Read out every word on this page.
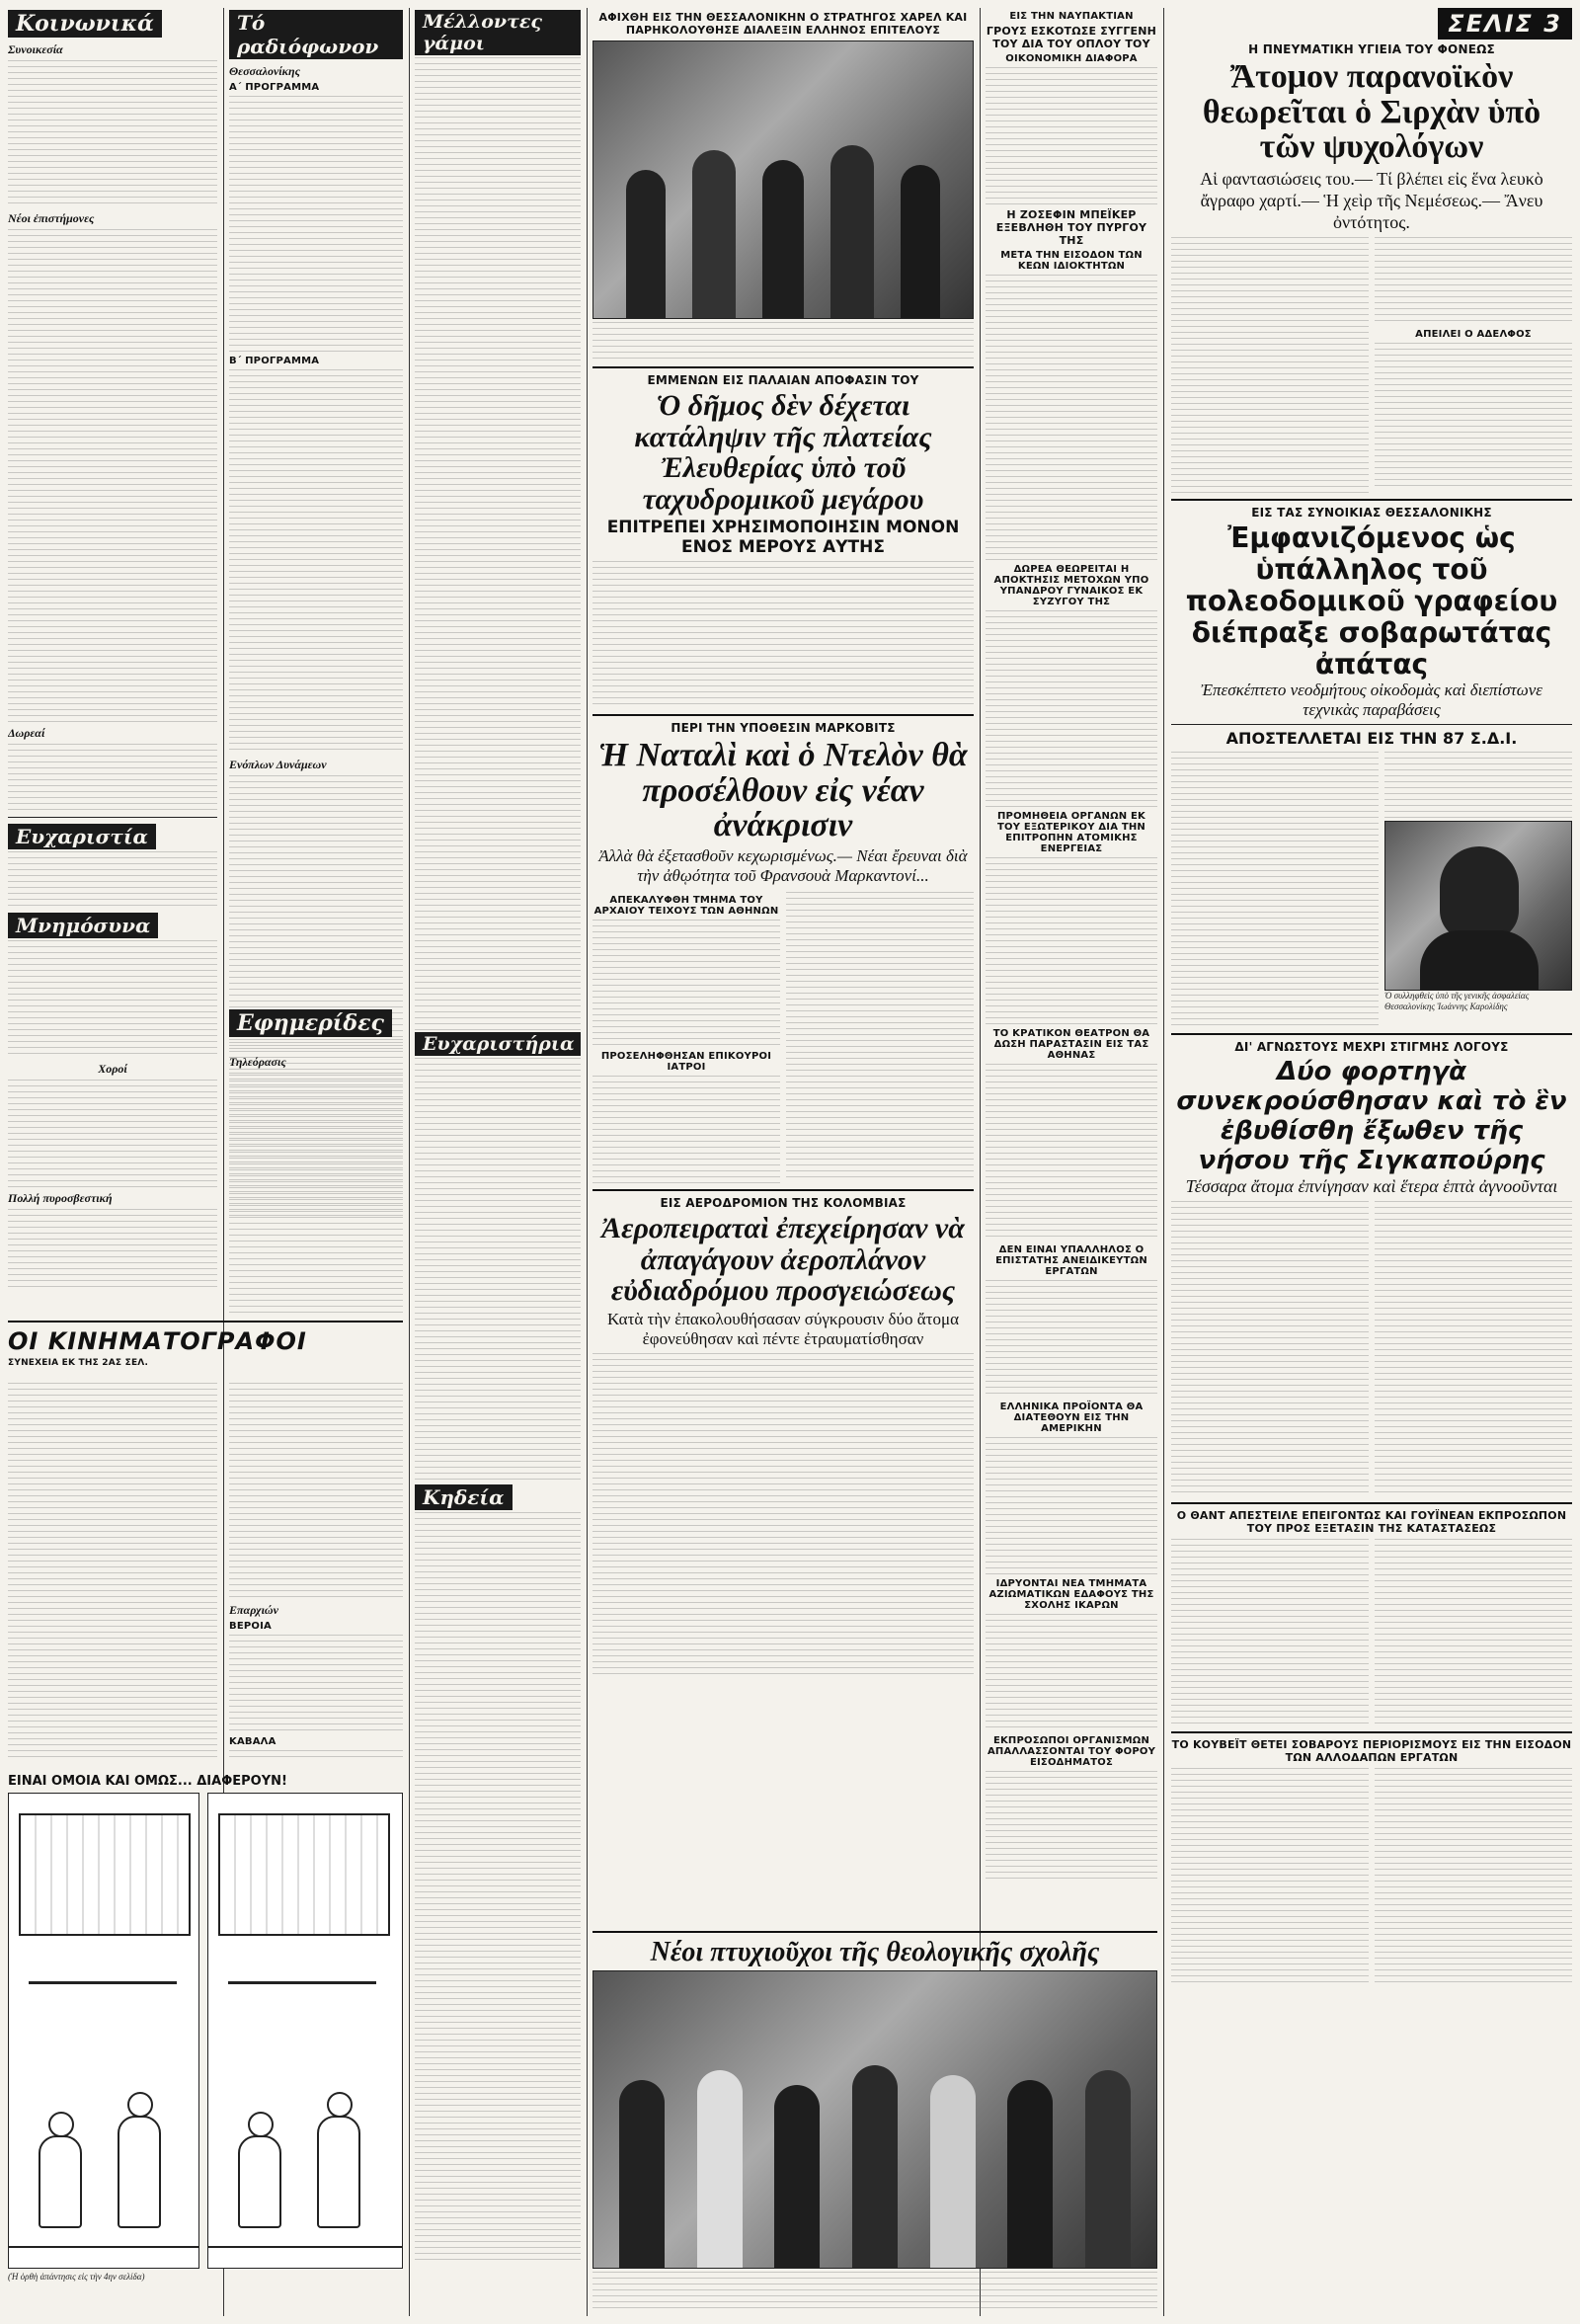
Κοινωνικά
Συνοικεσία
Νέοι ἐπιστήμονες
Δωρεαί
Ευχαριστία
Μνημόσυνα
Χοροί
Πολλή πυροσβεστική
ΟΙ ΚΙΝΗΜΑΤΟΓΡΑΦΟΙ
ΣΥΝΕΧΕΙΑ ΕΚ ΤΗΣ 2ΑΣ ΣΕΛ.
ΕΙΝΑΙ ΟΜΟΙΑ ΚΑΙ ΟΜΩΣ... ΔΙΑΦΕΡΟΥΝ!
(Ἡ ὀρθὴ ἀπάντησις εἰς τὴν 4ην σελίδα)
Τό ραδιόφωνον
Θεσσαλονίκης
Α΄ ΠΡΟΓΡΑΜΜΑ
Β΄ ΠΡΟΓΡΑΜΜΑ
Ενόπλων Δυνάμεων
Τηλεόρασις
Εφημερίδες
Επαρχιών
ΒΕΡΟΙΑ
ΚΑΒΑΛΑ
Μέλλοντες γάμοι
Ευχαριστήρια
Κηδεία
ΑΦΙΧΘΗ ΕΙΣ ΤΗΝ ΘΕΣΣΑΛΟΝΙΚΗΝ Ο ΣΤΡΑΤΗΓΟΣ ΧΑΡΕΛ ΚΑΙ ΠΑΡΗΚΟΛΟΥΘΗΣΕ ΔΙΑΛΕΞΙΝ ΕΛΛΗΝΟΣ ΕΠΙΤΕΛΟΥΣ
ΕΜΜΕΝΩΝ ΕΙΣ ΠΑΛΑΙΑΝ ΑΠΟΦΑΣΙΝ ΤΟΥ
Ὁ δῆμος δὲν δέχεται κατάληψιν τῆς πλατείας Ἐλευθερίας ὑπὸ τοῦ ταχυδρομικοῦ μεγάρου
ΕΠΙΤΡΕΠΕΙ ΧΡΗΣΙΜΟΠΟΙΗΣΙΝ ΜΟΝΟΝ ΕΝΟΣ ΜΕΡΟΥΣ ΑΥΤΗΣ
ΠΕΡΙ ΤΗΝ ΥΠΟΘΕΣΙΝ ΜΑΡΚΟΒΙΤΣ
Ἡ Ναταλὶ καὶ ὁ Ντελὸν θὰ προσέλθουν εἰς νέαν ἀνάκρισιν
Ἀλλὰ θὰ ἐξετασθοῦν κεχωρισμένως.— Νέαι ἔρευναι διὰ τὴν ἀθῳότητα τοῦ Φρανσουὰ Μαρκαντονί...
ΑΠΕΚΑΛΥΦΘΗ ΤΜΗΜΑ ΤΟΥ ΑΡΧΑΙΟΥ ΤΕΙΧΟΥΣ ΤΩΝ ΑΘΗΝΩΝ
ΠΡΟΣΕΛΗΦΘΗΣΑΝ ΕΠΙΚΟΥΡΟΙ ΙΑΤΡΟΙ
ΕΙΣ ΑΕΡΟΔΡΟΜΙΟΝ ΤΗΣ ΚΟΛΟΜΒΙΑΣ
Ἀεροπειραταὶ ἐπεχείρησαν νὰ ἀπαγάγουν ἀεροπλάνον εὐδιαδρόμου προσγειώσεως
Κατὰ τὴν ἐπακολουθήσασαν σύγκρουσιν δύο ἄτομα ἐφονεύθησαν καὶ πέντε ἐτραυματίσθησαν
Νέοι πτυχιοῦχοι τῆς θεολογικῆς σχολῆς
ΕΙΣ ΤΗΝ ΝΑΥΠΑΚΤΙΑΝ
ΓΡΟΥΣ ΕΣΚΟΤΩΣΕ ΣΥΓΓΕΝΗ ΤΟΥ ΔΙΑ ΤΟΥ ΟΠΛΟΥ ΤΟΥ
ΟΙΚΟΝΟΜΙΚΗ ΔΙΑΦΟΡΑ
Η ΖΟΣΕΦΙΝ ΜΠΕΪΚΕΡ ΕΞΕΒΛΗΘΗ ΤΟΥ ΠΥΡΓΟΥ ΤΗΣ
ΜΕΤΑ ΤΗΝ ΕΙΣΟΔΟΝ ΤΩΝ ΚΕΩΝ ΙΔΙΟΚΤΗΤΩΝ
ΔΩΡΕΑ ΘΕΩΡΕΙΤΑΙ Η ΑΠΟΚΤΗΣΙΣ ΜΕΤΟΧΩΝ ΥΠΟ ΥΠΑΝΔΡΟΥ ΓΥΝΑΙΚΟΣ ΕΚ ΣΥΖΥΓΟΥ ΤΗΣ
ΠΡΟΜΗΘΕΙΑ ΟΡΓΑΝΩΝ ΕΚ ΤΟΥ ΕΞΩΤΕΡΙΚΟΥ ΔΙΑ ΤΗΝ ΕΠΙΤΡΟΠΗΝ ΑΤΟΜΙΚΗΣ ΕΝΕΡΓΕΙΑΣ
ΤΟ ΚΡΑΤΙΚΟΝ ΘΕΑΤΡΟΝ ΘΑ ΔΩΣΗ ΠΑΡΑΣΤΑΣΙΝ ΕΙΣ ΤΑΣ ΑΘΗΝΑΣ
ΔΕΝ ΕΙΝΑΙ ΥΠΑΛΛΗΛΟΣ Ο ΕΠΙΣΤΑΤΗΣ ΑΝΕΙΔΙΚΕΥΤΩΝ ΕΡΓΑΤΩΝ
ΕΛΛΗΝΙΚΑ ΠΡΟΪΟΝΤΑ ΘΑ ΔΙΑΤΕΘΟΥΝ ΕΙΣ ΤΗΝ ΑΜΕΡΙΚΗΝ
ΙΔΡΥΟΝΤΑΙ ΝΕΑ ΤΜΗΜΑΤΑ ΑΖΙΩΜΑΤΙΚΩΝ ΕΔΑΦΟΥΣ ΤΗΣ ΣΧΟΛΗΣ ΙΚΑΡΩΝ
ΕΚΠΡΟΣΩΠΟΙ ΟΡΓΑΝΙΣΜΩΝ ΑΠΑΛΛΑΣΣΟΝΤΑΙ ΤΟΥ ΦΟΡΟΥ ΕΙΣΟΔΗΜΑΤΟΣ
ΣΕΛΙΣ 3
Η ΠΝΕΥΜΑΤΙΚΗ ΥΓΙΕΙΑ ΤΟΥ ΦΟΝΕΩΣ
Ἄτομον παρανοϊκὸν θεωρεῖται ὁ Σιρχὰν ὑπὸ τῶν ψυχολόγων
Αἱ φαντασιώσεις του.— Τί βλέπει εἰς ἕνα λευκὸ ἄγραφο χαρτί.— Ἡ χεὶρ τῆς Νεμέσεως.— Ἄνευ ὀντότητος.
ΑΠΕΙΛΕΙ Ο ΑΔΕΛΦΟΣ
ΕΙΣ ΤΑΣ ΣΥΝΟΙΚΙΑΣ ΘΕΣΣΑΛΟΝΙΚΗΣ
Ἐμφανιζόμενος ὡς ὑπάλληλος τοῦ πολεοδομικοῦ γραφείου διέπραξε σοβαρωτάτας ἀπάτας
Ἐπεσκέπτετο νεοδμήτους οἰκοδομὰς καὶ διεπίστωνε τεχνικὰς παραβάσεις
ΑΠΟΣΤΕΛΛΕΤΑΙ ΕΙΣ ΤΗΝ 87 Σ.Δ.Ι.
Ὁ συλληφθεὶς ὑπὸ τῆς γενικῆς ἀσφαλείας Θεσσαλονίκης Ἰωάννης Καρολίδης
ΔΙ' ΑΓΝΩΣΤΟΥΣ ΜΕΧΡΙ ΣΤΙΓΜΗΣ ΛΟΓΟΥΣ
Δύο φορτηγὰ συνεκρούσθησαν καὶ τὸ ἓν ἐβυθίσθη ἔξωθεν τῆς νήσου τῆς Σιγκαπούρης
Τέσσαρα ἄτομα ἐπνίγησαν καὶ ἕτερα ἑπτὰ ἀγνοοῦνται
Ο ΘΑΝΤ ΑΠΕΣΤΕΙΛΕ ΕΠΕΙΓΟΝΤΩΣ ΚΑΙ ΓΟΥΪΝΕΑΝ ΕΚΠΡΟΣΩΠΟΝ ΤΟΥ ΠΡΟΣ ΕΞΕΤΑΣΙΝ ΤΗΣ ΚΑΤΑΣΤΑΣΕΩΣ
ΤΟ ΚΟΥΒΕΪΤ ΘΕΤΕΙ ΣΟΒΑΡΟΥΣ ΠΕΡΙΟΡΙΣΜΟΥΣ ΕΙΣ ΤΗΝ ΕΙΣΟΔΟΝ ΤΩΝ ΑΛΛΟΔΑΠΩΝ ΕΡΓΑΤΩΝ
